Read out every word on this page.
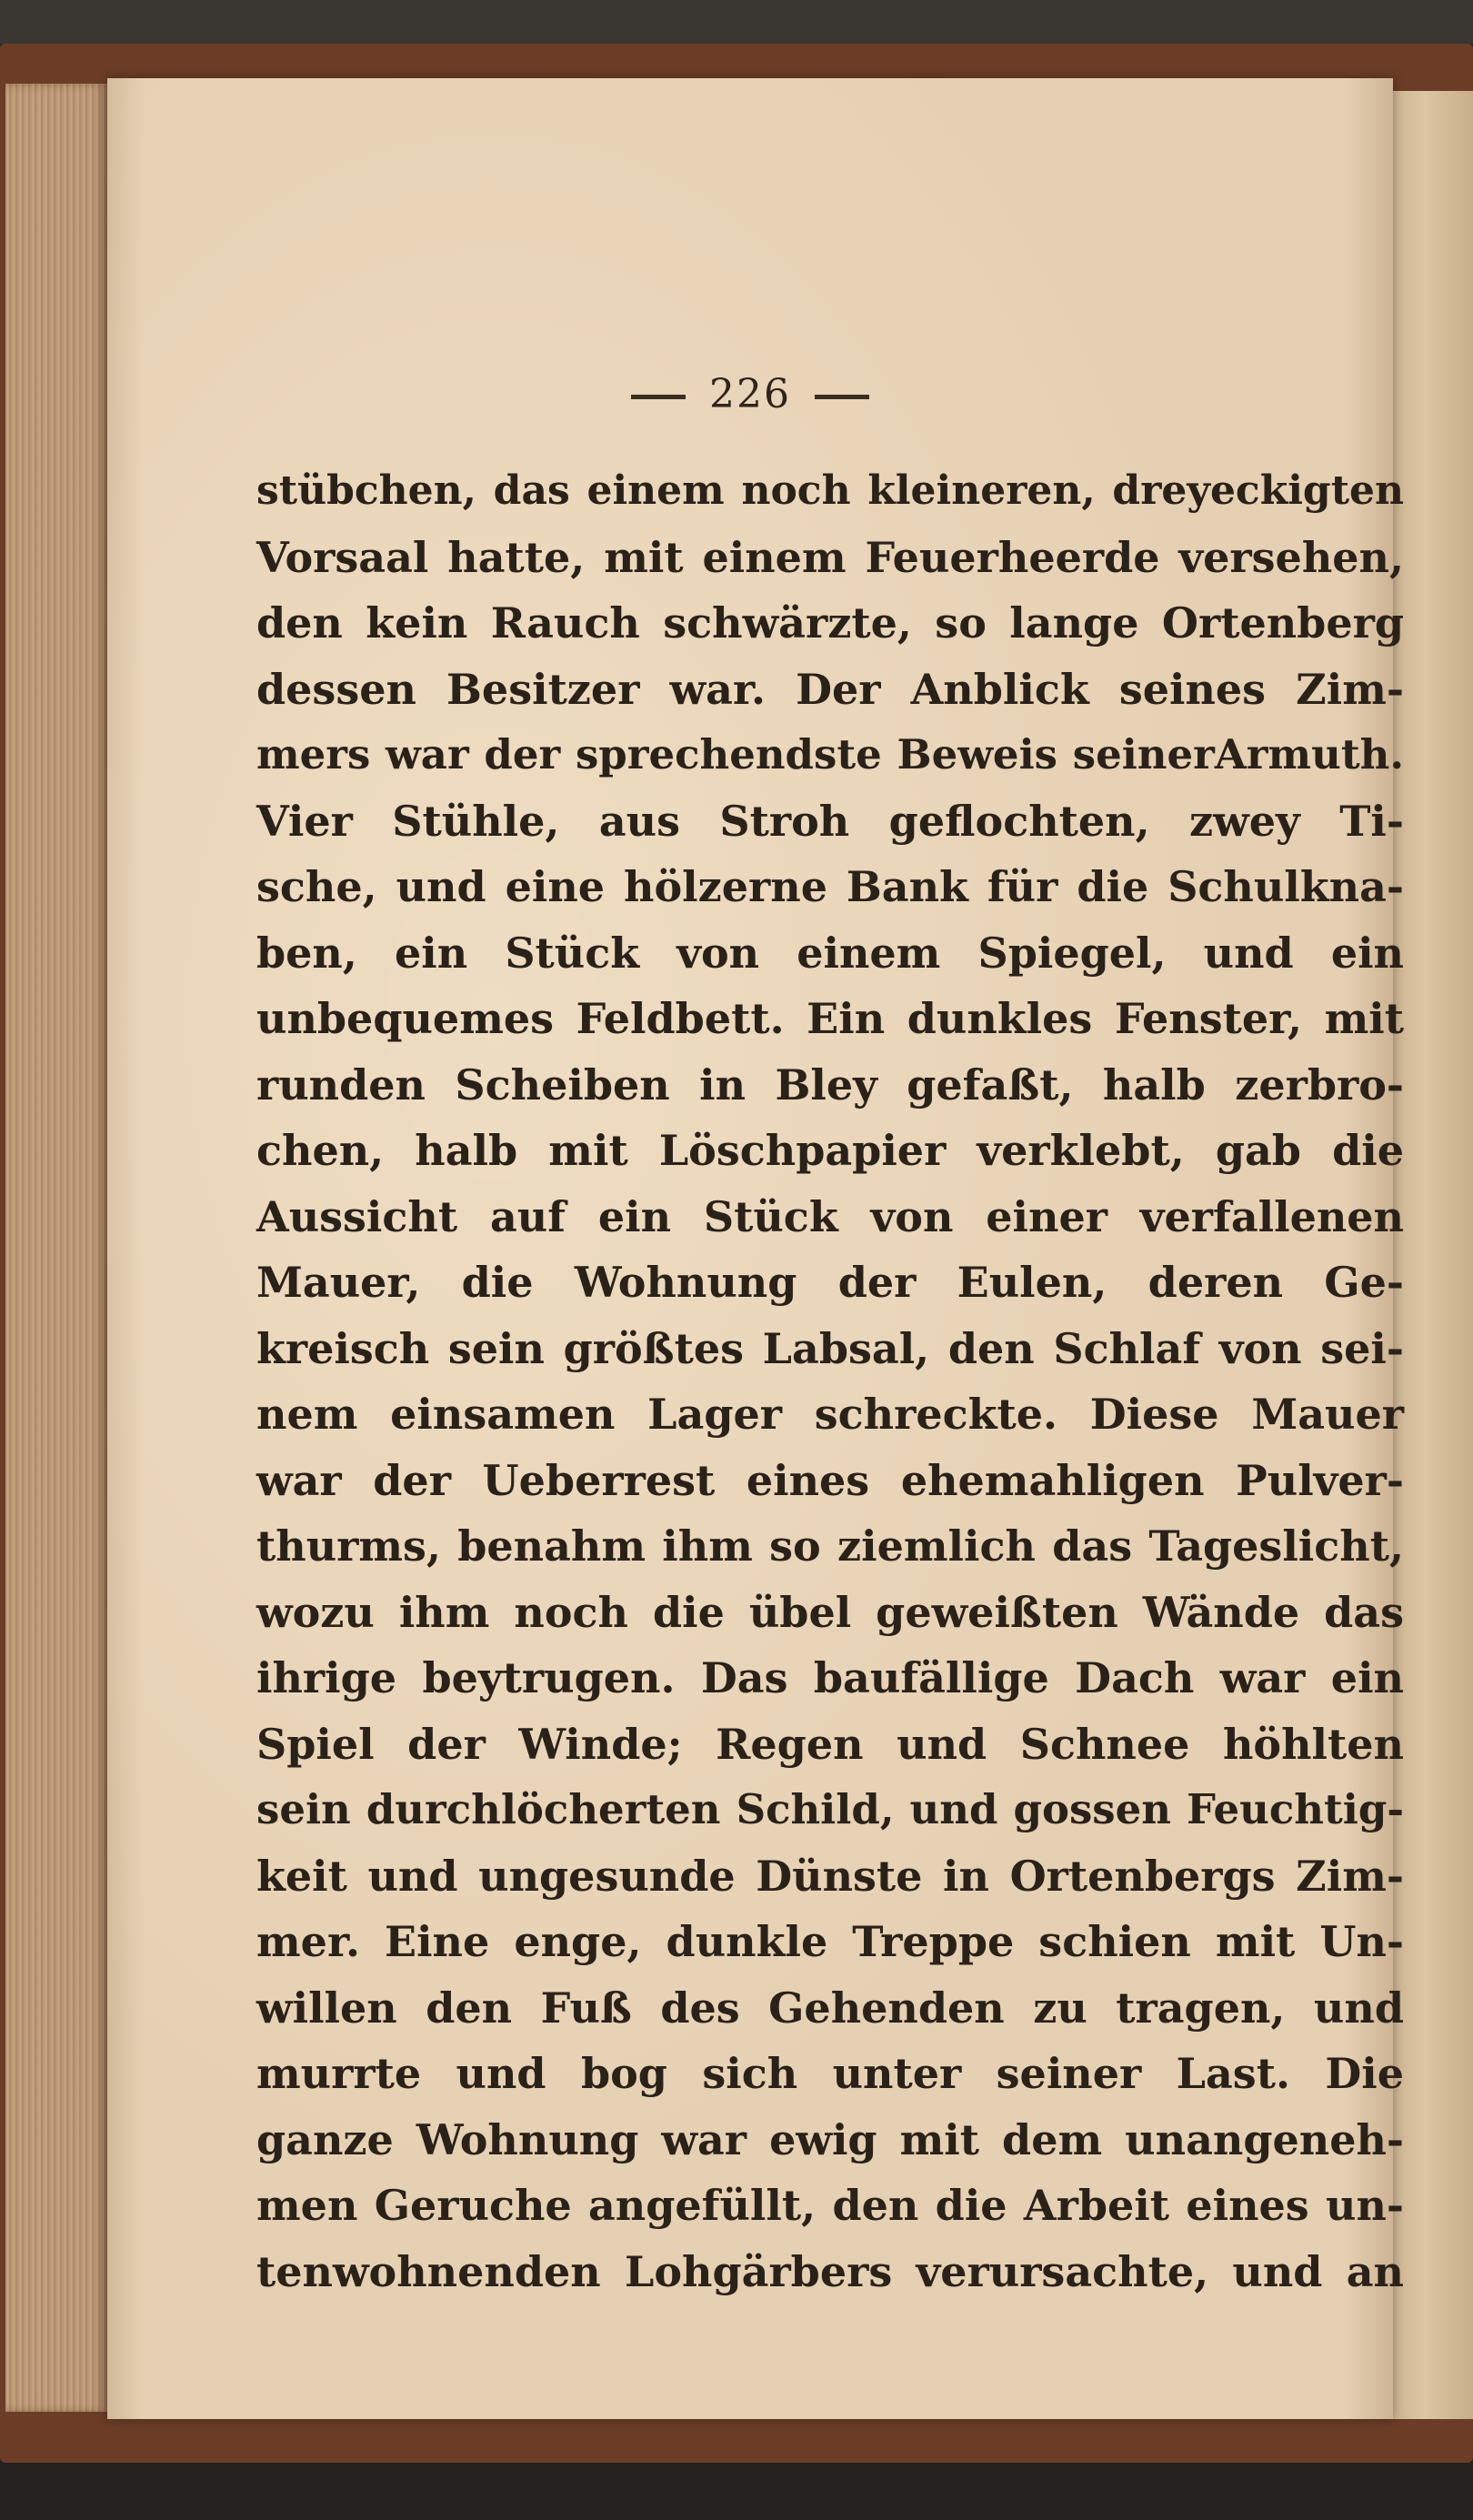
226
stübchen, das einem noch kleineren, dreyeckigten
Vorsaal hatte, mit einem Feuerheerde versehen,
den kein Rauch schwärzte, so lange Ortenberg
dessen Besitzer war. Der Anblick seines Zim-
mers war der sprechendste Beweis seinerArmuth.
Vier Stühle, aus Stroh geflochten, zwey Ti-
sche, und eine hölzerne Bank für die Schulkna-
ben, ein Stück von einem Spiegel, und ein
unbequemes Feldbett. Ein dunkles Fenster, mit
runden Scheiben in Bley gefaßt, halb zerbro-
chen, halb mit Löschpapier verklebt, gab die
Aussicht auf ein Stück von einer verfallenen
Mauer, die Wohnung der Eulen, deren Ge-
kreisch sein größtes Labsal, den Schlaf von sei-
nem einsamen Lager schreckte. Diese Mauer
war der Ueberrest eines ehemahligen Pulver-
thurms, benahm ihm so ziemlich das Tageslicht,
wozu ihm noch die übel geweißten Wände das
ihrige beytrugen. Das baufällige Dach war ein
Spiel der Winde; Regen und Schnee höhlten
sein durchlöcherten Schild, und gossen Feuchtig-
keit und ungesunde Dünste in Ortenbergs Zim-
mer. Eine enge, dunkle Treppe schien mit Un-
willen den Fuß des Gehenden zu tragen, und
murrte und bog sich unter seiner Last. Die
ganze Wohnung war ewig mit dem unangeneh-
men Geruche angefüllt, den die Arbeit eines un-
tenwohnenden Lohgärbers verursachte, und an
